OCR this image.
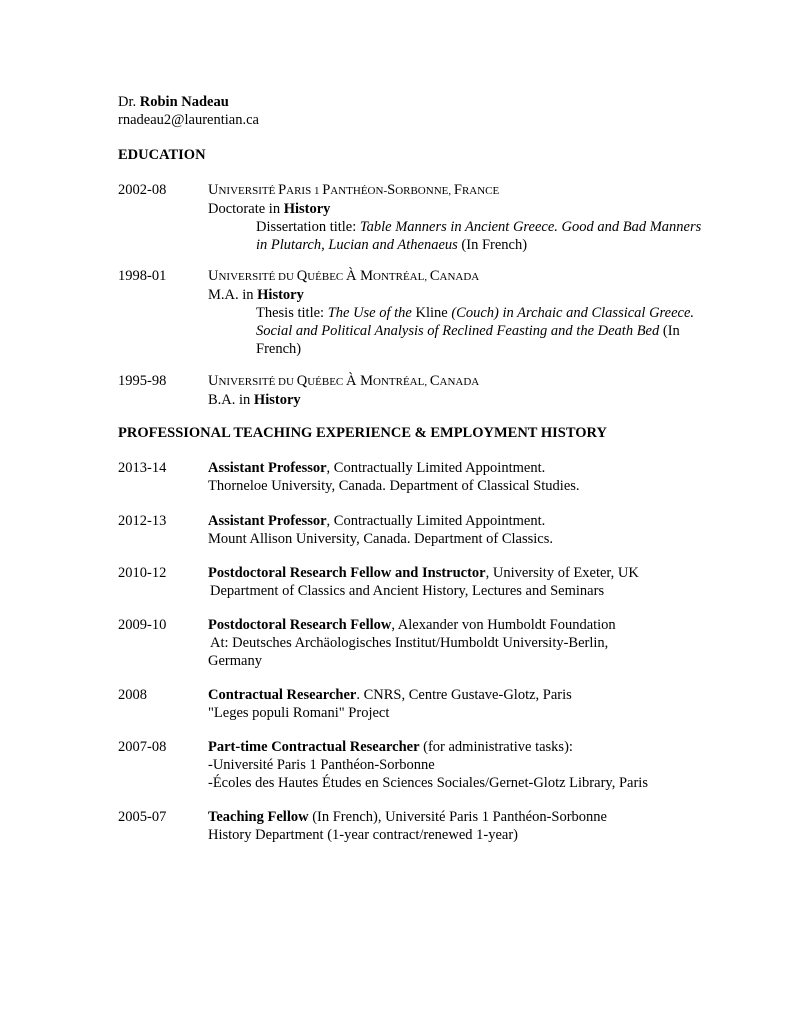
Dr. Robin Nadeau
rnadeau2@laurentian.ca
EDUCATION
2002-08	UNIVERSITÉ PARIS 1 PANTHÉON-SORBONNE, FRANCE
Doctorate in History
Dissertation title: Table Manners in Ancient Greece. Good and Bad Manners
in Plutarch, Lucian and Athenaeus (In French)
1998-01	UNIVERSITÉ DU QUÉBEC À MONTRÉAL, CANADA
M.A. in History
Thesis title: The Use of the Kline (Couch) in Archaic and Classical Greece.
Social and Political Analysis of Reclined Feasting and the Death Bed (In
French)
1995-98	UNIVERSITÉ DU QUÉBEC À MONTRÉAL, CANADA
B.A. in History
PROFESSIONAL TEACHING EXPERIENCE & EMPLOYMENT HISTORY
2013-14	Assistant Professor, Contractually Limited Appointment.
Thorneloe University, Canada. Department of Classical Studies.
2012-13	Assistant Professor, Contractually Limited Appointment.
Mount Allison University, Canada. Department of Classics.
2010-12	Postdoctoral Research Fellow and Instructor, University of Exeter, UK
Department of Classics and Ancient History, Lectures and Seminars
2009-10	Postdoctoral Research Fellow, Alexander von Humboldt Foundation
At: Deutsches Archäologisches Institut/Humboldt University-Berlin,
Germany
2008	Contractual Researcher. CNRS, Centre Gustave-Glotz, Paris
"Leges populi Romani" Project
2007-08	Part-time Contractual Researcher (for administrative tasks):
-Université Paris 1 Panthéon-Sorbonne
-Écoles des Hautes Études en Sciences Sociales/Gernet-Glotz Library, Paris
2005-07	Teaching Fellow (In French), Université Paris 1 Panthéon-Sorbonne
History Department (1-year contract/renewed 1-year)
